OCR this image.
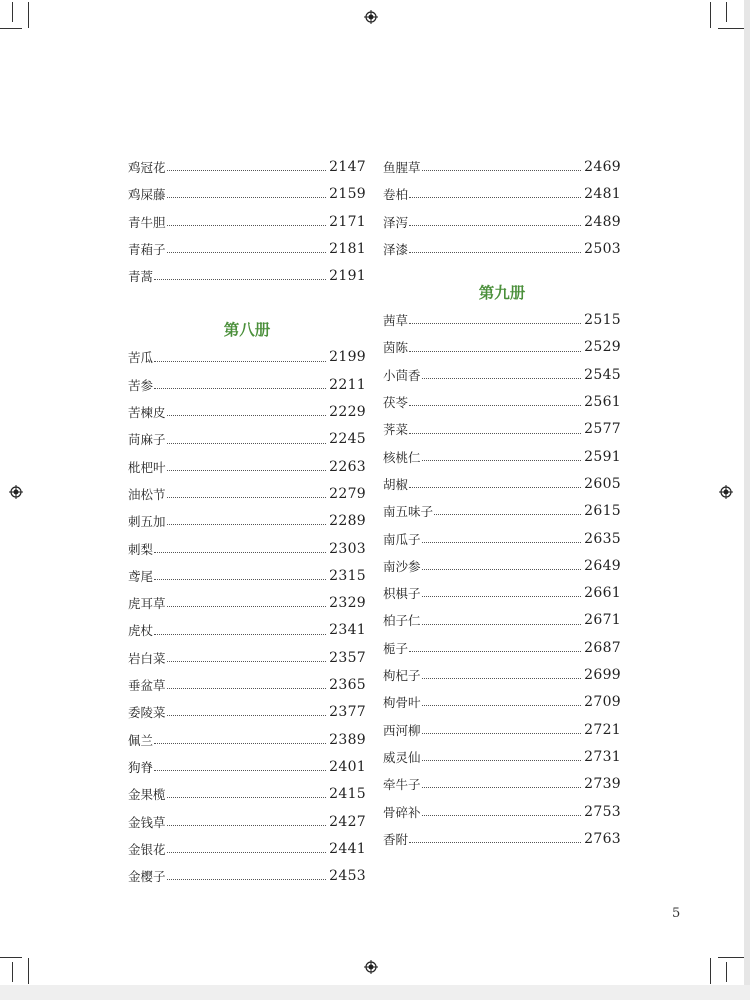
鸡冠花	2147
鸡屎藤	2159
青牛胆	2171
青葙子	2181
青蒿	2191
第八册
苦瓜	2199
苦参	2211
苦楝皮	2229
苘麻子	2245
枇杷叶	2263
油松节	2279
刺五加	2289
刺梨	2303
鸢尾	2315
虎耳草	2329
虎杖	2341
岩白菜	2357
垂盆草	2365
委陵菜	2377
佩兰	2389
狗脊	2401
金果榄	2415
金钱草	2427
金银花	2441
金樱子	2453
鱼腥草	2469
卷柏	2481
泽泻	2489
泽漆	2503
第九册
茜草	2515
茵陈	2529
小茴香	2545
茯苓	2561
荠菜	2577
核桃仁	2591
胡椒	2605
南五味子	2615
南瓜子	2635
南沙参	2649
枳椇子	2661
柏子仁	2671
栀子	2687
枸杞子	2699
枸骨叶	2709
西河柳	2721
威灵仙	2731
牵牛子	2739
骨碎补	2753
香附	2763
5
